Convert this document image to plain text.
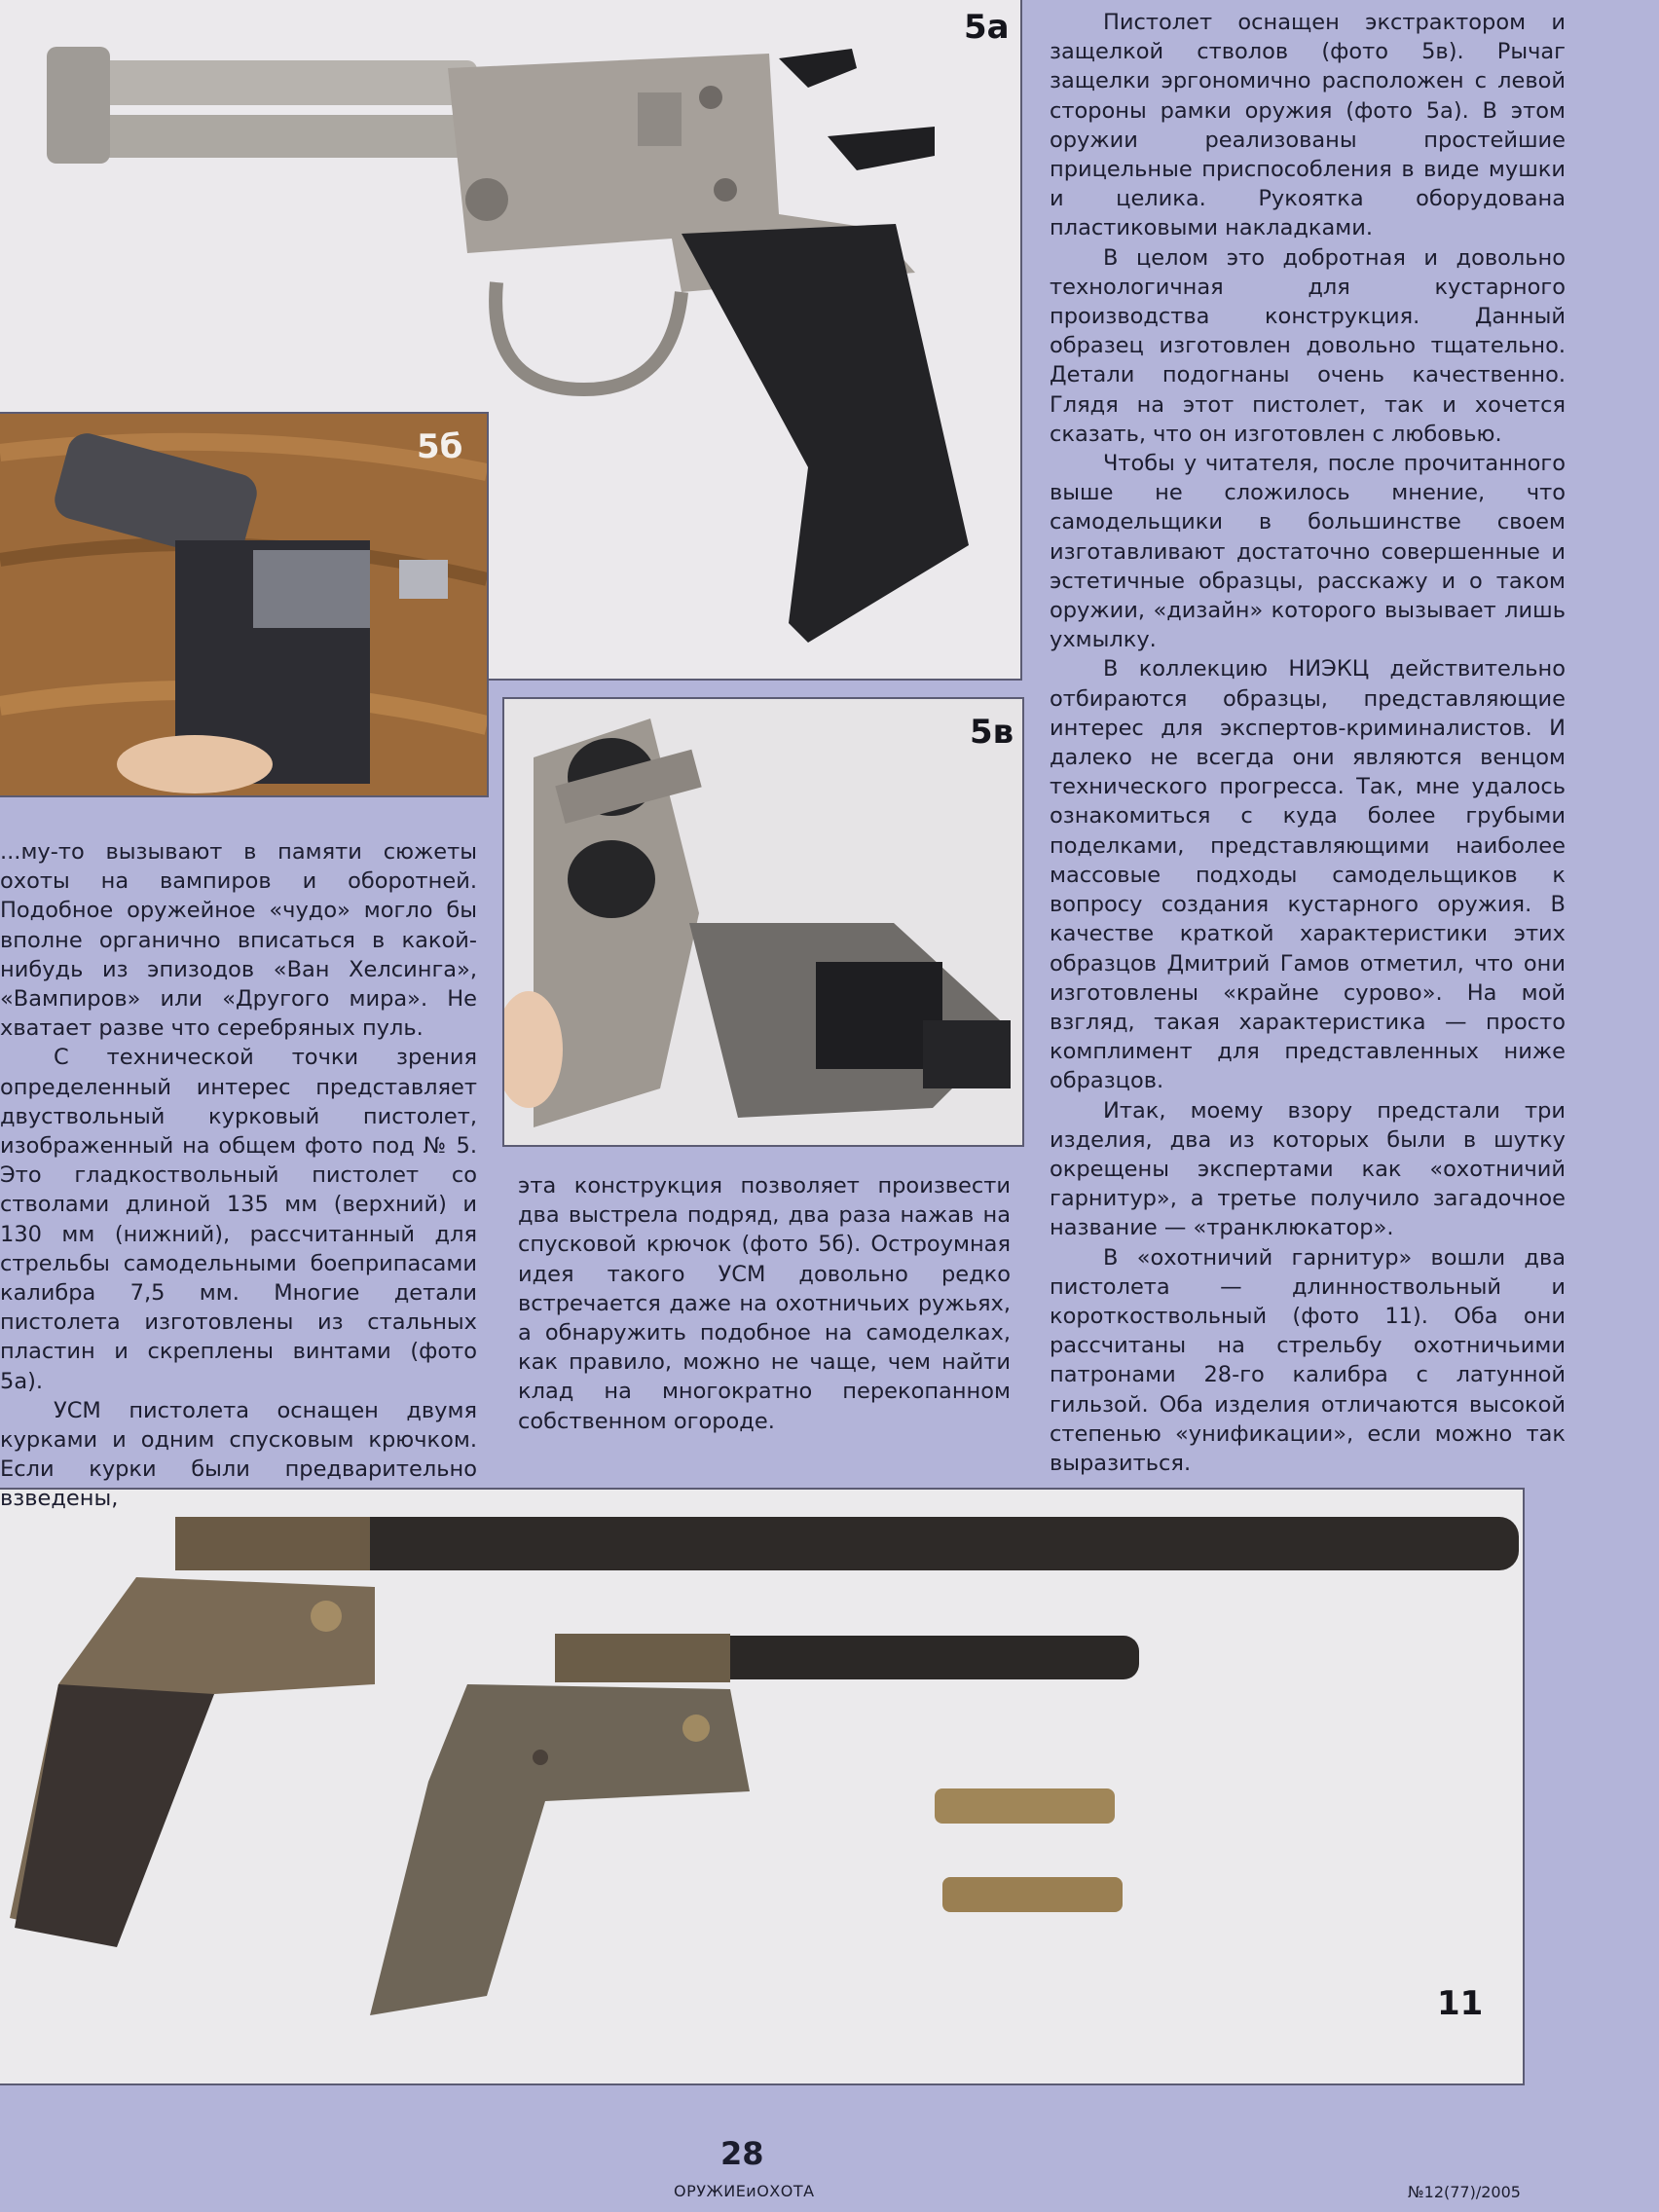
5а
5б
5в
11

...му-то вызывают в памяти сюжеты охоты на вампиров и оборотней. Подобное оружейное «чудо» могло бы вполне органично вписаться в какой-нибудь из эпизодов «Ван Хелсинга», «Вампиров» или «Другого мира». Не хватает разве что серебряных пуль.

С технической точки зрения определенный интерес представляет двуствольный курковый пистолет, изображенный на общем фото под № 5. Это гладкоствольный пистолет со стволами длиной 135 мм (верхний) и 130 мм (нижний), рассчитанный для стрельбы самодельными боеприпасами калибра 7,5 мм. Многие детали пистолета изготовлены из стальных пластин и скреплены винтами (фото 5а).

УСМ пистолета оснащен двумя курками и одним спусковым крючком. Если курки были предварительно взведены,

эта конструкция позволяет произвести два выстрела подряд, два раза нажав на спусковой крючок (фото 5б). Остроумная идея такого УСМ довольно редко встречается даже на охотничьих ружьях, а обнаружить подобное на самоделках, как правило, можно не чаще, чем найти клад на многократно перекопанном собственном огороде.

Пистолет оснащен экстрактором и защелкой стволов (фото 5в). Рычаг защелки эргономично расположен с левой стороны рамки оружия (фото 5а). В этом оружии реализованы простейшие прицельные приспособления в виде мушки и целика. Рукоятка оборудована пластиковыми накладками.

В целом это добротная и довольно технологичная для кустарного производства конструкция. Данный образец изготовлен довольно тщательно. Детали подогнаны очень качественно. Глядя на этот пистолет, так и хочется сказать, что он изготовлен с любовью.

Чтобы у читателя, после прочитанного выше не сложилось мнение, что самодельщики в большинстве своем изготавливают достаточно совершенные и эстетичные образцы, расскажу и о таком оружии, «дизайн» которого вызывает лишь ухмылку.

В коллекцию НИЭКЦ действительно отбираются образцы, представляющие интерес для экспертов-криминалистов. И далеко не всегда они являются венцом технического прогресса. Так, мне удалось ознакомиться с куда более грубыми поделками, представляющими наиболее массовые подходы самодельщиков к вопросу создания кустарного оружия. В качестве краткой характеристики этих образцов Дмитрий Гамов отметил, что они изготовлены «крайне сурово». На мой взгляд, такая характеристика — просто комплимент для представленных ниже образцов.

Итак, моему взору предстали три изделия, два из которых были в шутку окрещены экспертами как «охотничий гарнитур», а третье получило загадочное название — «транклюкатор».

В «охотничий гарнитур» вошли два пистолета — длинноствольный и короткоствольный (фото 11). Оба они рассчитаны на стрельбу охотничьими патронами 28-го калибра с латунной гильзой. Оба изделия отличаются высокой степенью «унификации», если можно так выразиться.

28
ОРУЖИЕиОХОТА	№12(77)/2005
